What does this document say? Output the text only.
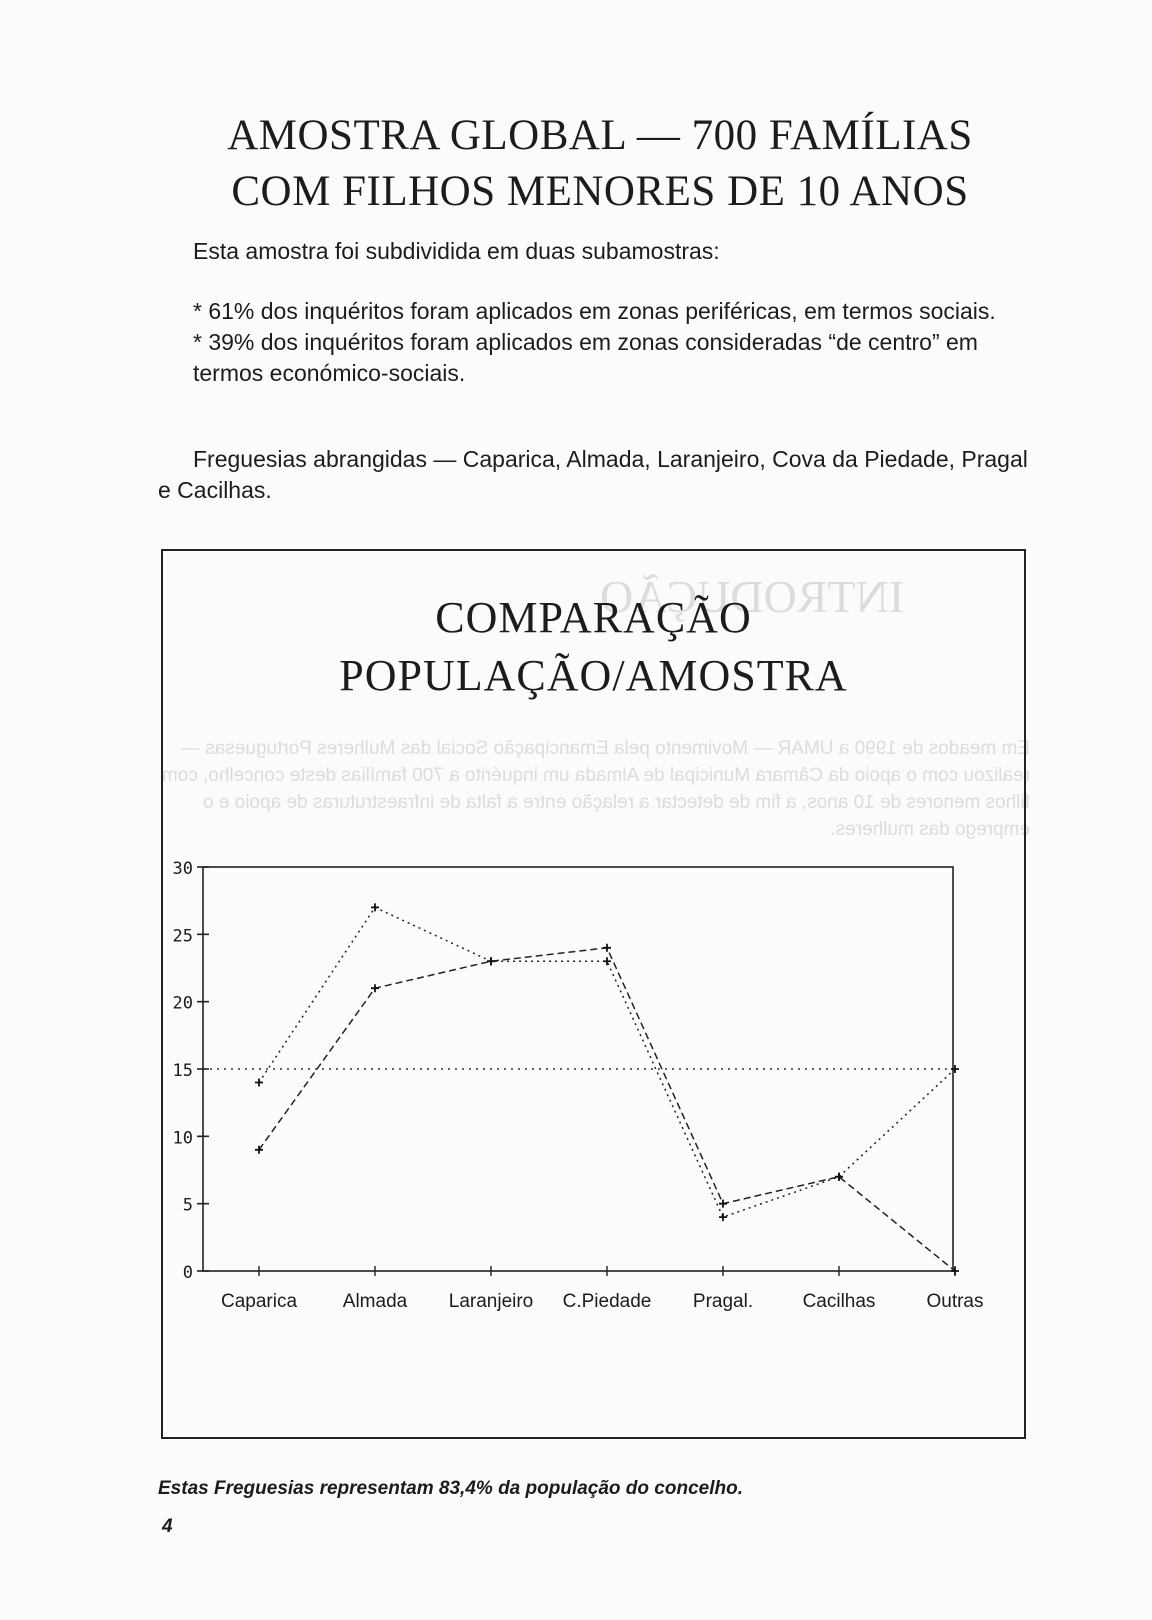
INTRODUÇÃO
Em meados de 1990 a UMAR — Movimento pela Emancipação Social das Mulheres Portuguesas — realizou com o apoio da Câmara Municipal de Almada um inquérito a 700 famílias deste concelho, com filhos menores de 10 anos, a fim de detectar a relação entre a falta de infraestruturas de apoio e o emprego das mulheres.
AMOSTRA GLOBAL — 700 FAMÍLIAS
COM FILHOS MENORES DE 10 ANOS

Esta amostra foi subdividida em duas subamostras:

* 61% dos inquéritos foram aplicados em zonas periféricas, em termos sociais.
* 39% dos inquéritos foram aplicados em zonas consideradas “de centro” em termos económico-sociais.

Freguesias abrangidas — Caparica, Almada, Laranjeiro, Cova da Piedade, Pragal e Cacilhas.

COMPARAÇÃO
POPULAÇÃO/AMOSTRA
0
5
10
15
20
25
30
Caparica Almada Laranjeiro C.Piedade Pragal.	Cacilhas	Outras

Estas Freguesias representam 83,4% da população do concelho.

4
